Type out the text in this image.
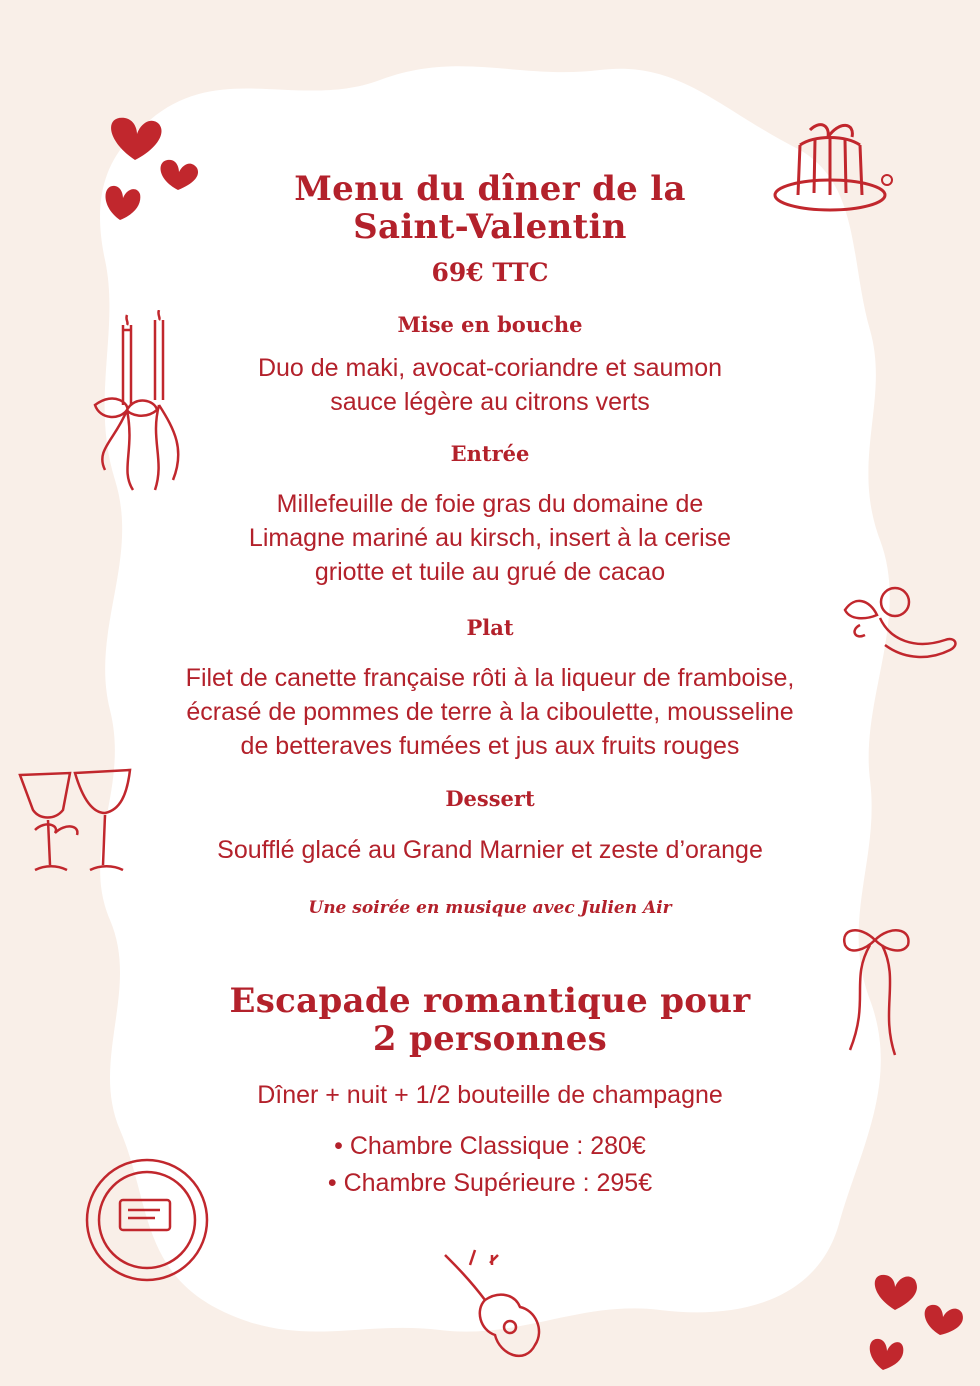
Menu du dîner de la
Saint-Valentin
69€ TTC
Mise en bouche
Duo de maki, avocat-coriandre et saumon
sauce légère au citrons verts
Entrée
Millefeuille de foie gras du domaine de
Limagne mariné au kirsch, insert à la cerise
griotte et tuile au grué de cacao
Plat
Filet de canette française rôti à la liqueur de framboise,
écrasé de pommes de terre à la ciboulette, mousseline
de betteraves fumées et jus aux fruits rouges
Dessert
Soufflé glacé au Grand Marnier et zeste d’orange
Une soirée en musique avec Julien Air
Escapade romantique pour
2 personnes
Dîner + nuit + 1/2 bouteille de champagne
• Chambre Classique : 280€
• Chambre Supérieure : 295€
